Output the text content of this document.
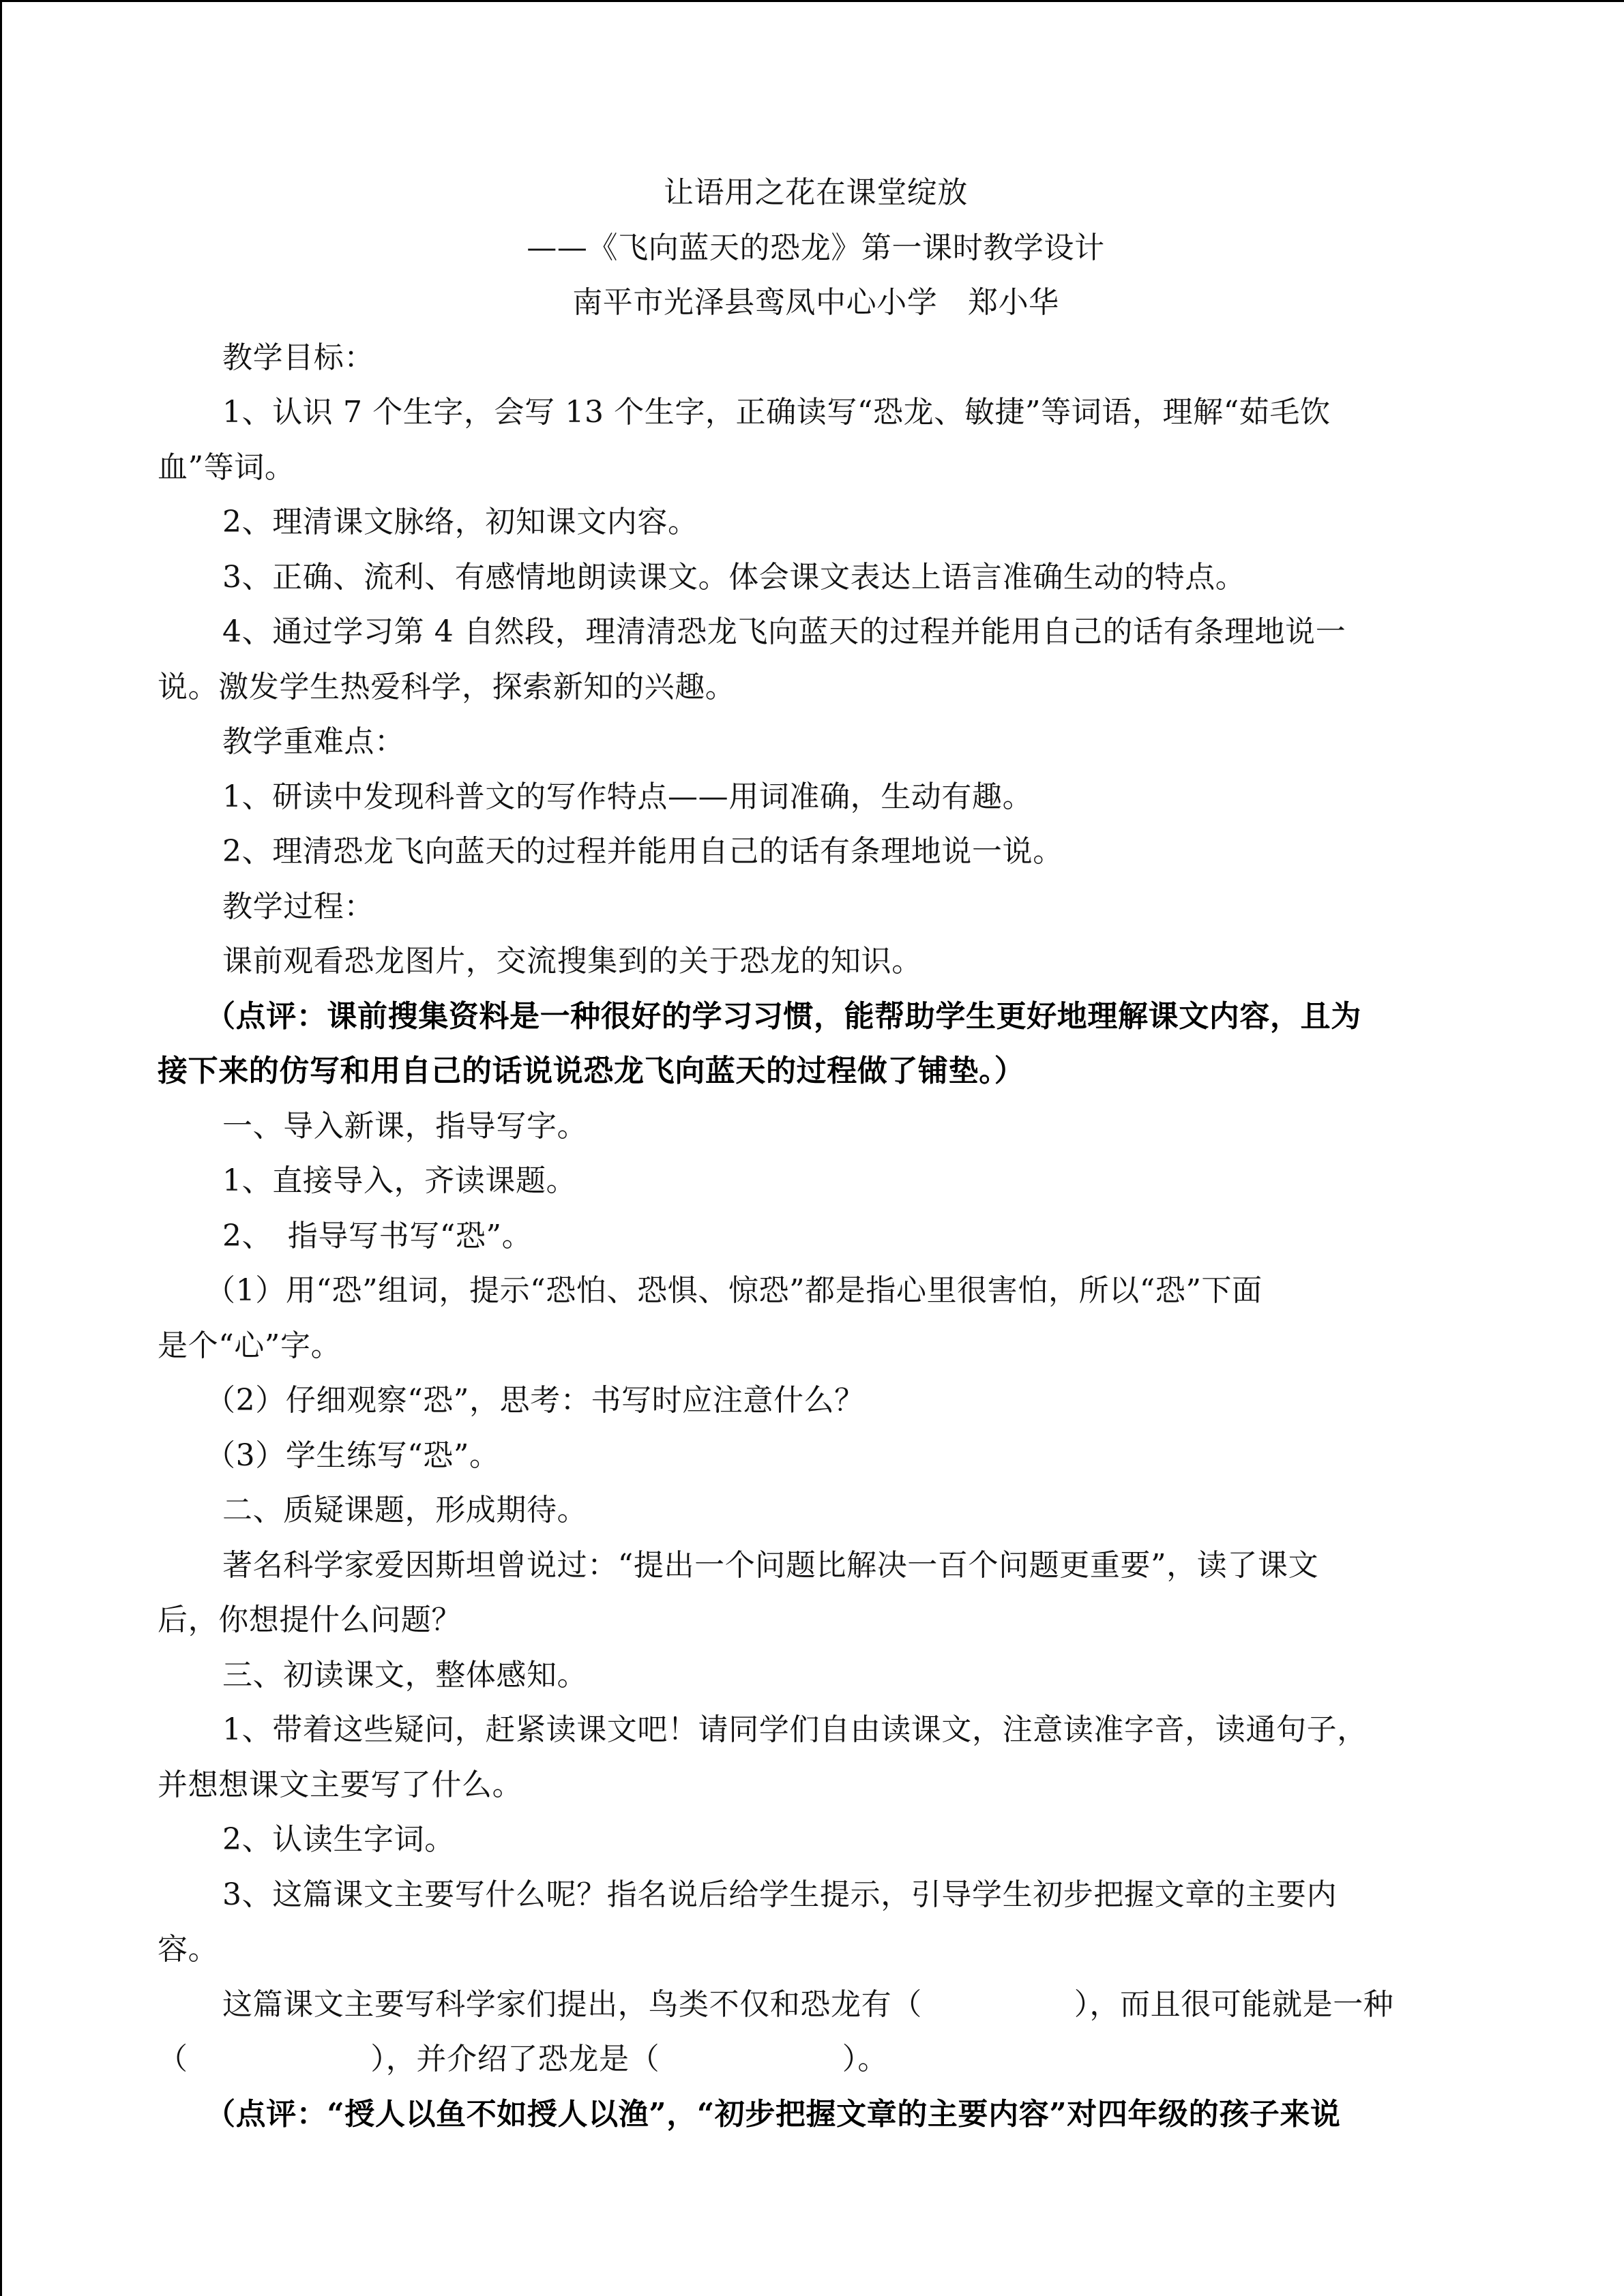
让语用之花在课堂绽放
——《飞向蓝天的恐龙》第一课时教学设计
南平市光泽县鸾凤中心小学　郑小华
教学目标：
1、认识 7 个生字，会写 13 个生字，正确读写“恐龙、敏捷”等词语，理解“茹毛饮
血”等词。
2、理清课文脉络，初知课文内容。
3、正确、流利、有感情地朗读课文。体会课文表达上语言准确生动的特点。
4、通过学习第 4 自然段，理清清恐龙飞向蓝天的过程并能用自己的话有条理地说一
说。激发学生热爱科学，探索新知的兴趣。
教学重难点：
1、研读中发现科普文的写作特点——用词准确，生动有趣。
2、理清恐龙飞向蓝天的过程并能用自己的话有条理地说一说。
教学过程：
课前观看恐龙图片，交流搜集到的关于恐龙的知识。
（点评：课前搜集资料是一种很好的学习习惯，能帮助学生更好地理解课文内容，且为
接下来的仿写和用自己的话说说恐龙飞向蓝天的过程做了铺垫。）
一、导入新课，指导写字。
1、直接导入，齐读课题。
2、　指导写书写“恐”。
（1）用“恐”组词，提示“恐怕、恐惧、惊恐”都是指心里很害怕，所以“恐”下面
是个“心”字。
（2）仔细观察“恐”，思考：书写时应注意什么？
（3）学生练写“恐”。
二、质疑课题，形成期待。
著名科学家爱因斯坦曾说过：“提出一个问题比解决一百个问题更重要”，读了课文
后，你想提什么问题？
三、初读课文，整体感知。
1、带着这些疑问，赶紧读课文吧！请同学们自由读课文，注意读准字音，读通句子，
并想想课文主要写了什么。
2、认读生字词。
3、这篇课文主要写什么呢？指名说后给学生提示，引导学生初步把握文章的主要内
容。
这篇课文主要写科学家们提出，鸟类不仅和恐龙有（　　　　　），而且很可能就是一种
（　　　　　　），并介绍了恐龙是（　　　　　　）。
（点评：“授人以鱼不如授人以渔”，“初步把握文章的主要内容”对四年级的孩子来说
